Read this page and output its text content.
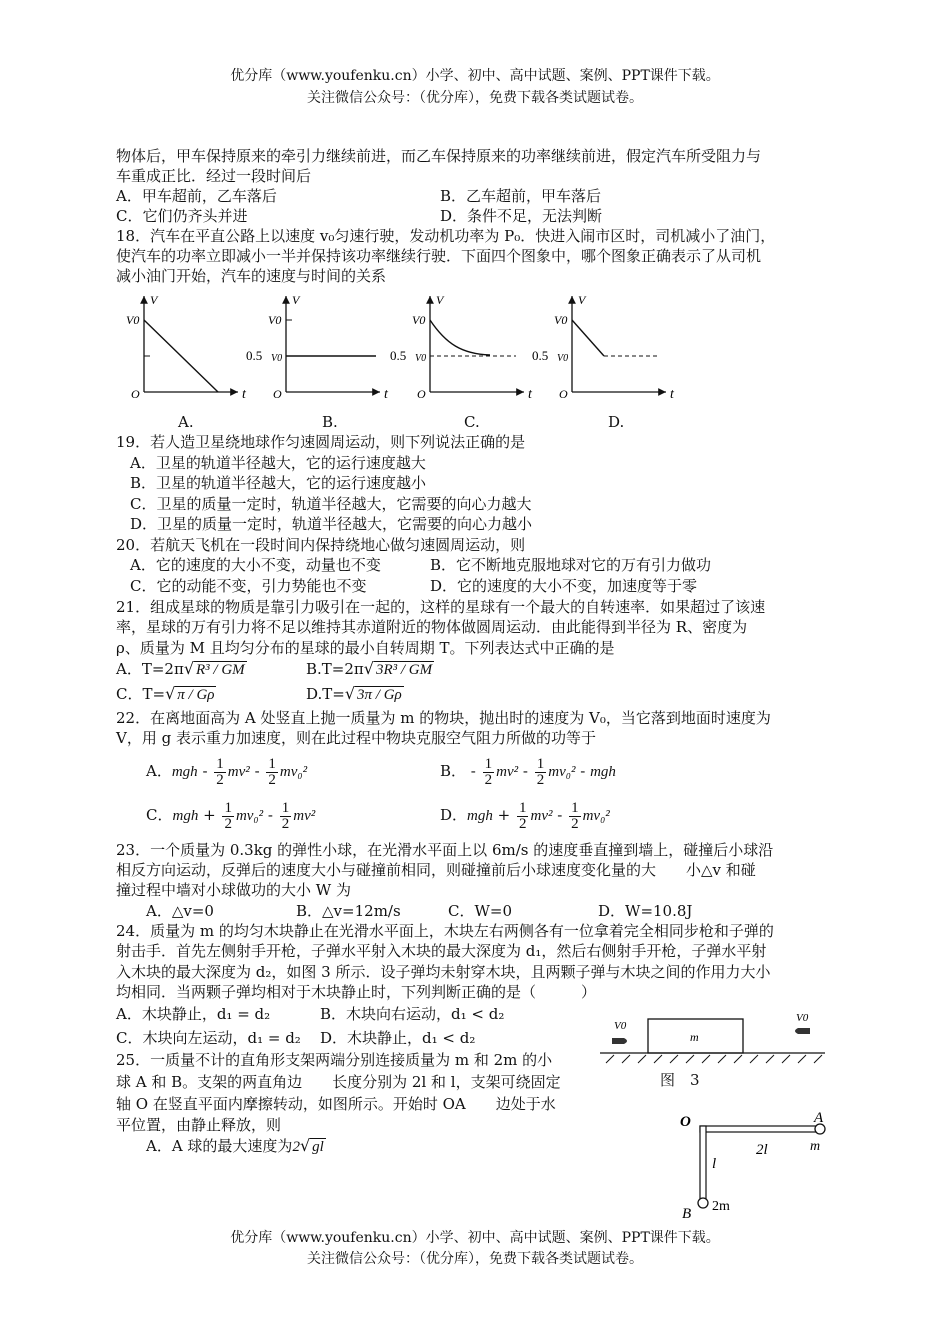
优分库（www.youfenku.cn）小学、初中、高中试题、案例、PPT课件下载。
关注微信公众号：（优分库），免费下载各类试题试卷。
物体后，甲车保持原来的牵引力继续前进，而乙车保持原来的功率继续前进，假定汽车所受阻力与
车重成正比．经过一段时间后
A．甲车超前，乙车落后	B．乙车超前，甲车落后
C．它们仍齐头并进	D．条件不足，无法判断
18．汽车在平直公路上以速度 v₀匀速行驶，发动机功率为 P₀．快进入闹市区时，司机减小了油门，
使汽车的功率立即减小一半并保持该功率继续行驶．下面四个图象中，哪个图象正确表示了从司机
减小油门开始，汽车的速度与时间的关系
V
V0
O	t
V
V0
0.5 V0
O	t
V
V0
0.5 V0
O	t
V
V0
0.5 V0
O	t
A.	B.	C.	D.
19．若人造卫星绕地球作匀速圆周运动，则下列说法正确的是
A．卫星的轨道半径越大，它的运行速度越大
B．卫星的轨道半径越大，它的运行速度越小
C．卫星的质量一定时，轨道半径越大，它需要的向心力越大
D．卫星的质量一定时，轨道半径越大，它需要的向心力越小
20．若航天飞机在一段时间内保持绕地心做匀速圆周运动，则
A．它的速度的大小不变，动量也不变	B．它不断地克服地球对它的万有引力做功
C．它的动能不变，引力势能也不变	D．它的速度的大小不变，加速度等于零
21．组成星球的物质是靠引力吸引在一起的，这样的星球有一个最大的自转速率．如果超过了该速
率，星球的万有引力将不足以维持其赤道附近的物体做圆周运动．由此能得到半径为 R、密度为
ρ、质量为 M 且均匀分布的星球的最小自转周期 T。下列表达式中正确的是
A．T=2π√ R³ / GM	B.T=2π√ 3R³ / GM
C．T=√ π / Gρ	D.T=√ 3π / Gρ
22．在离地面高为 A 处竖直上抛一质量为 m 的物块，抛出时的速度为 V₀，当它落到地面时速度为
V，用 g 表示重力加速度，则在此过程中物块克服空气阻力所做的功等于
A．mgh - $\frac{1}{2} mv^2 - \frac{1}{2} mv_0^2$	B． - $\frac{1}{2} mv^2 - \frac{1}{2} mv_0^2$ - mgh
C．mgh + $\frac{1}{2} mv_0^2 - \frac{1}{2} mv^2$	D．mgh + $\frac{1}{2} mv^2 - \frac{1}{2} mv_0^2$
23．一个质量为 0.3kg 的弹性小球，在光滑水平面上以 6m/s 的速度垂直撞到墙上，碰撞后小球沿
相反方向运动，反弹后的速度大小与碰撞前相同，则碰撞前后小球速度变化量的大　　小△v 和碰
撞过程中墙对小球做功的大小 W 为
A．△v=0	B．△v=12m/s	C．W=0	D．W=10.8J
24．质量为 m 的均匀木块静止在光滑水平面上，木块左右两侧各有一位拿着完全相同步枪和子弹的
射击手．首先左侧射手开枪，子弹水平射入木块的最大深度为 d₁，然后右侧射手开枪，子弹水平射
入木块的最大深度为 d₂，如图 3 所示．设子弹均未射穿木块，且两颗子弹与木块之间的作用力大小
均相同．当两颗子弹均相对于木块静止时，下列判断正确的是（　　　）
A．木块静止，d₁ = d₂	B．木块向右运动，d₁ < d₂
C．木块向左运动，d₁ = d₂ D．木块静止，d₁ < d₂	m
V0
V0
图　3
25．一质量不计的直角形支架两端分别连接质量为 m 和 2m 的小
球 A 和 B。支架的两直角边　　长度分别为 2l 和 l，支架可绕固定
轴 O 在竖直平面内摩擦转动，如图所示。开始时 OA　　边处于水
平位置，由静止释放，则
A．A 球的最大速度为2√ gl
O	A
m
2l
l
B 2m
优分库（www.youfenku.cn）小学、初中、高中试题、案例、PPT课件下载。
关注微信公众号：（优分库），免费下载各类试题试卷。
